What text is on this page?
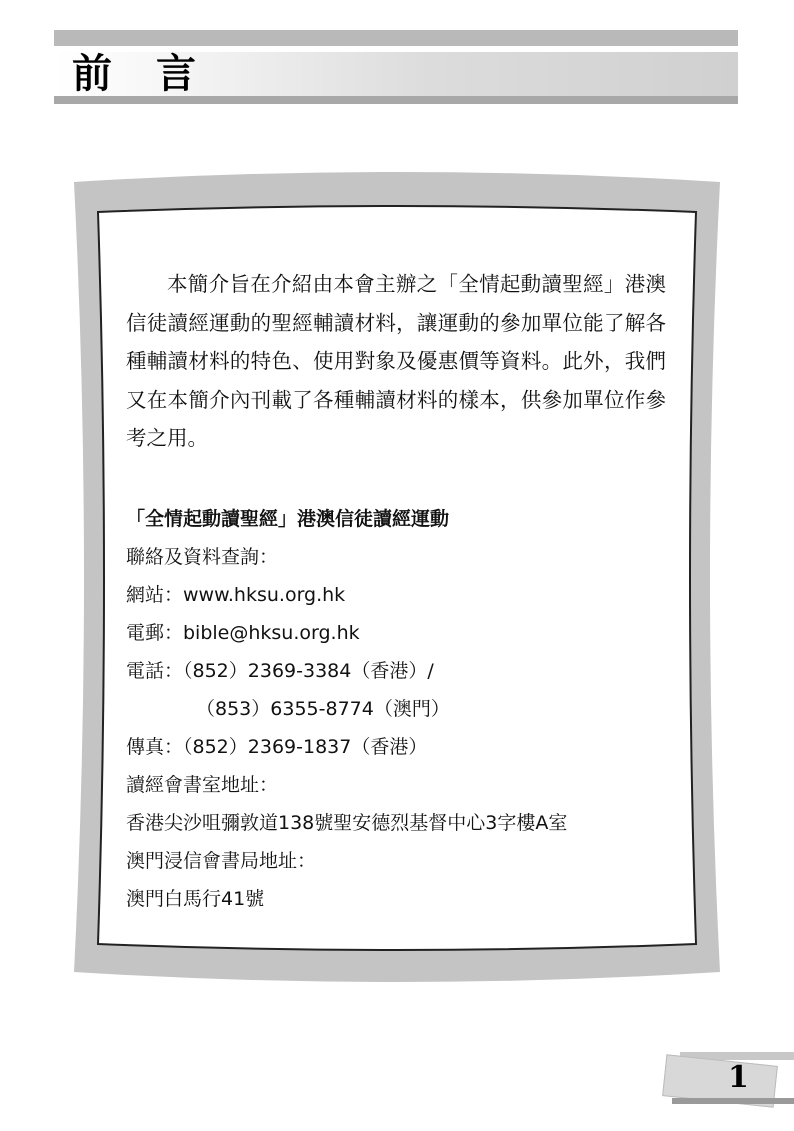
前言

本簡介旨在介紹由本會主辦之「全情起動讀聖經」港澳信徒讀經運動的聖經輔讀材料，讓運動的參加單位能了解各種輔讀材料的特色、使用對象及優惠價等資料。此外，我們又在本簡介內刊載了各種輔讀材料的樣本，供參加單位作參考之用。

「全情起動讀聖經」港澳信徒讀經運動
聯絡及資料查詢：
網站：www.hksu.org.hk
電郵：bible@hksu.org.hk
電話：（852）2369-3384（香港）/
（853）6355-8774（澳門）
傳真：（852）2369-1837（香港）
讀經會書室地址：
香港尖沙咀彌敦道138號聖安德烈基督中心3字樓A室
澳門浸信會書局地址：
澳門白馬行41號
1
